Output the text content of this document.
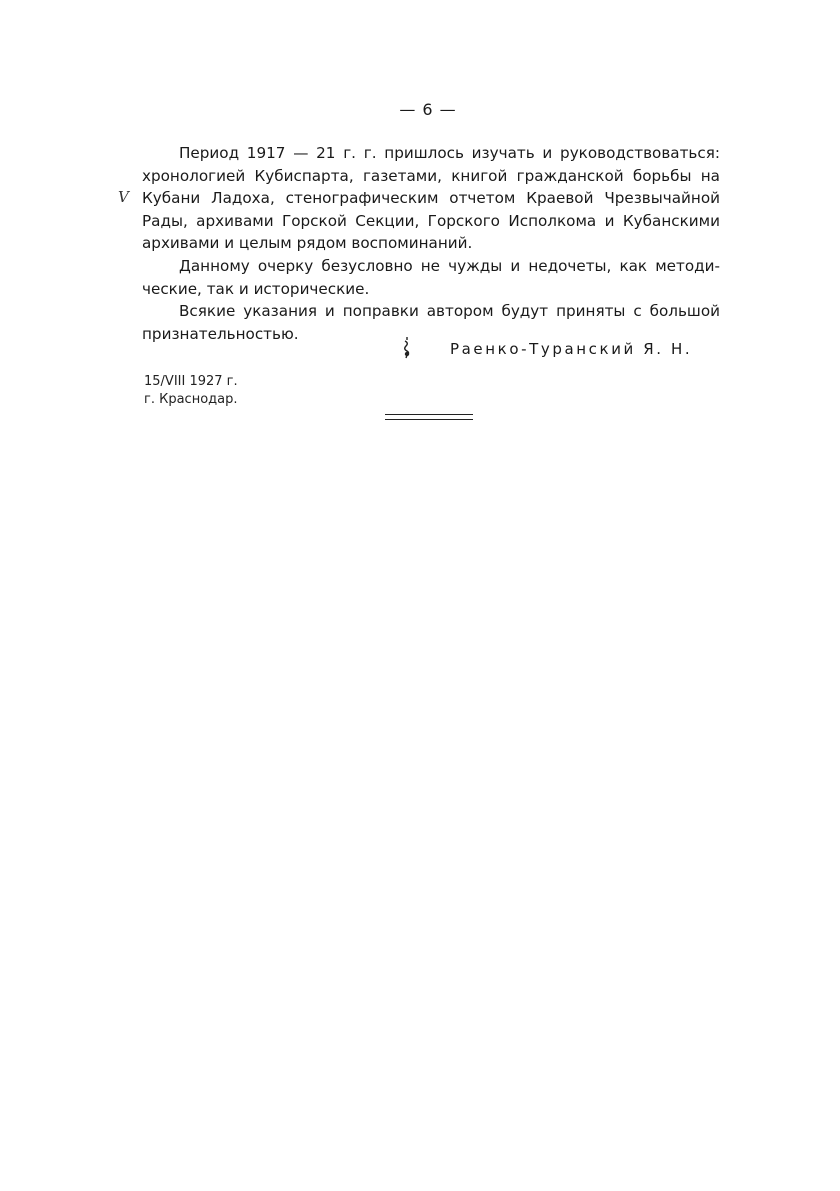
— 6 —
V

Период 1917 — 21 г. г. пришлось изучать и руководствоваться:
хронологией Кубиспарта, газетами, книгой гражданской борьбы на
Кубани Ладоха, стенографическим отчетом Краевой Чрезвычайной
Рады, архивами Горской Секции, Горского Исполкома и Кубанскими
архивами и целым рядом воспоминаний.

Данному очерку безусловно не чужды и недочеты, как методи-
ческие, так и исторические.

Всякие указания и поправки автором будут приняты с большой
признательностью.

Раенко-Туранский Я. Н.
15/VIII 1927 г.
г. Краснодар.
